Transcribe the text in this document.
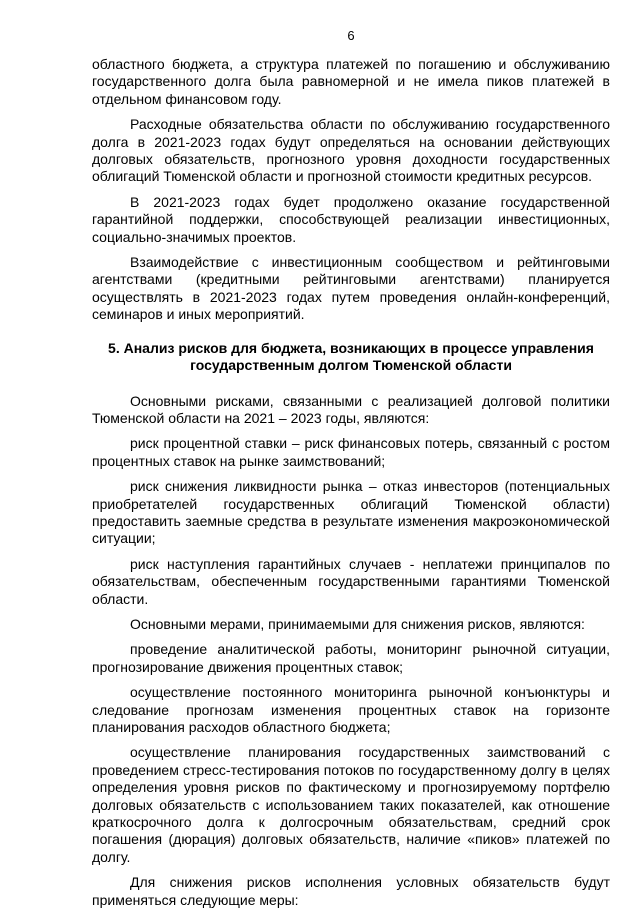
6

областного бюджета, а структура платежей по погашению и обслуживанию государственного долга была равномерной и не имела пиков платежей в отдельном финансовом году.

Расходные обязательства области по обслуживанию государственного долга в 2021-2023 годах будут определяться на основании действующих долговых обязательств, прогнозного уровня доходности государственных облигаций Тюменской области и прогнозной стоимости кредитных ресурсов.

В 2021-2023 годах будет продолжено оказание государственной гарантийной поддержки, способствующей реализации инвестиционных, социально-значимых проектов.

Взаимодействие с инвестиционным сообществом и рейтинговыми агентствами (кредитными рейтинговыми агентствами) планируется осуществлять в 2021-2023 годах путем проведения онлайн-конференций, семинаров и иных мероприятий.

5. Анализ рисков для бюджета, возникающих в процессе управления государственным долгом Тюменской области

Основными рисками, связанными с реализацией долговой политики Тюменской области на 2021 – 2023 годы, являются:

риск процентной ставки – риск финансовых потерь, связанный с ростом процентных ставок на рынке заимствований;

риск снижения ликвидности рынка – отказ инвесторов (потенциальных приобретателей государственных облигаций Тюменской области) предоставить заемные средства в результате изменения макроэкономической ситуации;

риск наступления гарантийных случаев - неплатежи принципалов по обязательствам, обеспеченным государственными гарантиями Тюменской области.

Основными мерами, принимаемыми для снижения рисков, являются:

проведение аналитической работы, мониторинг рыночной ситуации, прогнозирование движения процентных ставок;

осуществление постоянного мониторинга рыночной конъюнктуры и следование прогнозам изменения процентных ставок на горизонте планирования расходов областного бюджета;

осуществление планирования государственных заимствований с проведением стресс-тестирования потоков по государственному долгу в целях определения уровня рисков по фактическому и прогнозируемому портфелю долговых обязательств с использованием таких показателей, как отношение краткосрочного долга к долгосрочным обязательствам, средний срок погашения (дюрация) долговых обязательств, наличие «пиков» платежей по долгу.

Для снижения рисков исполнения условных обязательств будут применяться следующие меры:
